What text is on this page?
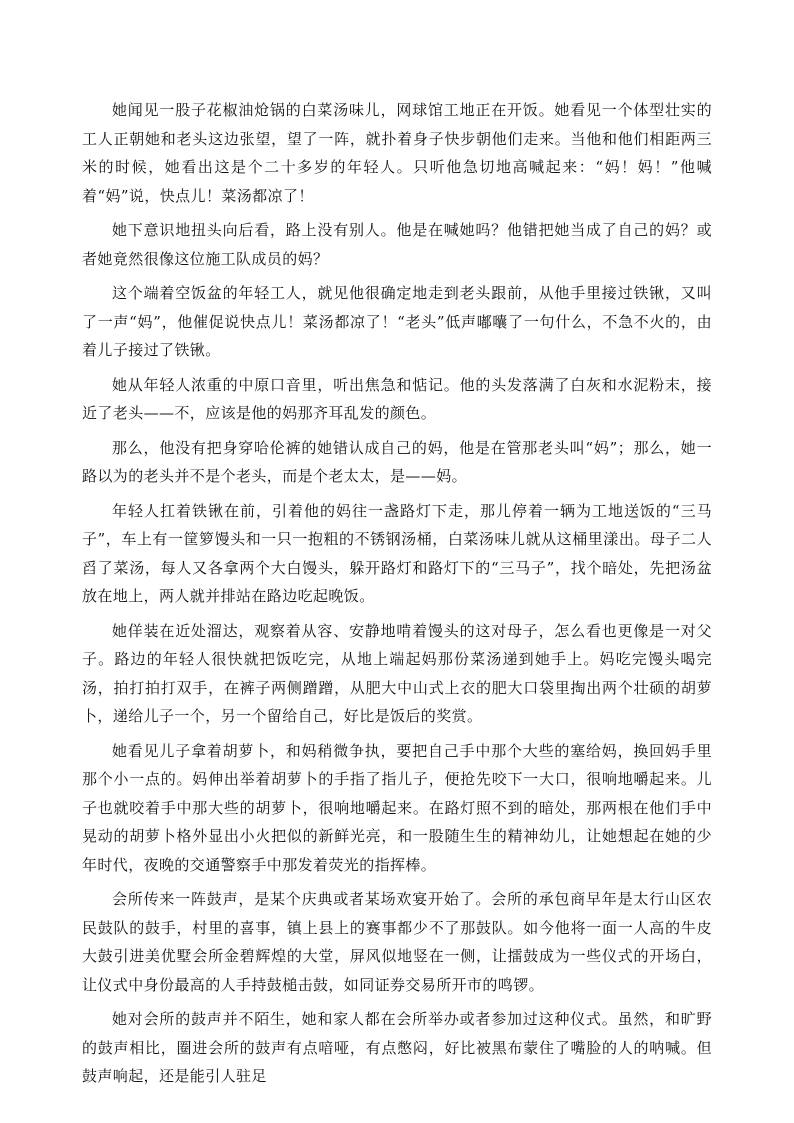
她闻见一股子花椒油炝锅的白菜汤味儿，网球馆工地正在开饭。她看见一个体型壮实的工人正朝她和老头这边张望，望了一阵，就扑着身子快步朝他们走来。当他和他们相距两三米的时候，她看出这是个二十多岁的年轻人。只听他急切地高喊起来：“妈！妈！”他喊着“妈”说，快点儿！菜汤都凉了！

她下意识地扭头向后看，路上没有别人。他是在喊她吗？他错把她当成了自己的妈？或者她竟然很像这位施工队成员的妈？

这个端着空饭盆的年轻工人，就见他很确定地走到老头跟前，从他手里接过铁锹，又叫了一声“妈”，他催促说快点儿！菜汤都凉了！“老头”低声嘟囔了一句什么，不急不火的，由着儿子接过了铁锹。

她从年轻人浓重的中原口音里，听出焦急和惦记。他的头发落满了白灰和水泥粉末，接近了老头——不，应该是他的妈那齐耳乱发的颜色。

那么，他没有把身穿哈伦裤的她错认成自己的妈，他是在管那老头叫“妈”；那么，她一路以为的老头并不是个老头，而是个老太太，是——妈。

年轻人扛着铁锹在前，引着他的妈往一盏路灯下走，那儿停着一辆为工地送饭的“三马子”，车上有一筐箩馒头和一只一抱粗的不锈钢汤桶，白菜汤味儿就从这桶里漾出。母子二人舀了菜汤，每人又各拿两个大白馒头，躲开路灯和路灯下的“三马子”，找个暗处，先把汤盆放在地上，两人就并排站在路边吃起晚饭。

她佯装在近处溜达，观察着从容、安静地啃着馒头的这对母子，怎么看也更像是一对父子。路边的年轻人很快就把饭吃完，从地上端起妈那份菜汤递到她手上。妈吃完馒头喝完汤，拍打拍打双手，在裤子两侧蹭蹭，从肥大中山式上衣的肥大口袋里掏出两个壮硕的胡萝卜，递给儿子一个，另一个留给自己，好比是饭后的奖赏。

她看见儿子拿着胡萝卜，和妈稍微争执，要把自己手中那个大些的塞给妈，换回妈手里那个小一点的。妈伸出举着胡萝卜的手指了指儿子，便抢先咬下一大口，很响地嚼起来。儿子也就咬着手中那大些的胡萝卜，很响地嚼起来。在路灯照不到的暗处，那两根在他们手中晃动的胡萝卜格外显出小火把似的新鲜光亮，和一股随生生的精神幼儿，让她想起在她的少年时代，夜晚的交通警察手中那发着荧光的指挥棒。

会所传来一阵鼓声，是某个庆典或者某场欢宴开始了。会所的承包商早年是太行山区农民鼓队的鼓手，村里的喜事，镇上县上的赛事都少不了那鼓队。如今他将一面一人高的牛皮大鼓引进美优墅会所金碧辉煌的大堂，屏风似地竖在一侧，让擂鼓成为一些仪式的开场白，让仪式中身份最高的人手持鼓槌击鼓，如同证券交易所开市的鸣锣。

她对会所的鼓声并不陌生，她和家人都在会所举办或者参加过这种仪式。虽然，和旷野的鼓声相比，圈进会所的鼓声有点喑哑，有点憋闷，好比被黑布蒙住了嘴脸的人的呐喊。但鼓声响起，还是能引人驻足
